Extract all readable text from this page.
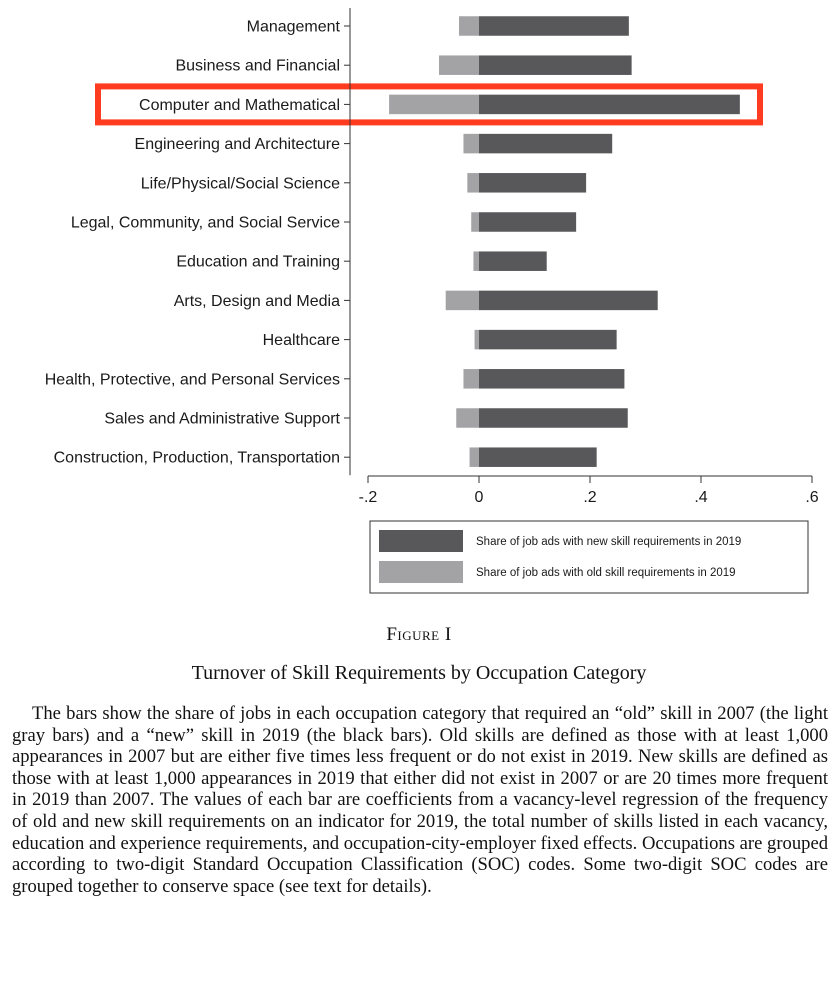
Management
Business and Financial
Computer and Mathematical
Engineering and Architecture
Life/Physical/Social Science
Legal, Community, and Social Service
Education and Training
Arts, Design and Media
Healthcare
Health, Protective, and Personal Services
Sales and Administrative Support
Construction, Production, Transportation
-.2	0	.2	.4	.6
Share of job ads with new skill requirements in 2019
Share of job ads with old skill requirements in 2019
Figure I
Turnover of Skill Requirements by Occupation Category

The bars show the share of jobs in each occupation category that required an “old” skill in 2007 (the light gray bars) and a “new” skill in 2019 (the black bars). Old skills are defined as those with at least 1,000 appearances in 2007 but are either five times less frequent or do not exist in 2019. New skills are defined as those with at least 1,000 appearances in 2019 that either did not exist in 2007 or are 20 times more frequent in 2019 than 2007. The values of each bar are coefficients from a vacancy-level regression of the frequency of old and new skill requirements on an indicator for 2019, the total number of skills listed in each vacancy, education and experience requirements, and occupation-city-employer fixed effects. Occupations are grouped according to two-digit Standard Occupation Classification (SOC) codes. Some two-digit SOC codes are grouped together to conserve space (see text for details).
